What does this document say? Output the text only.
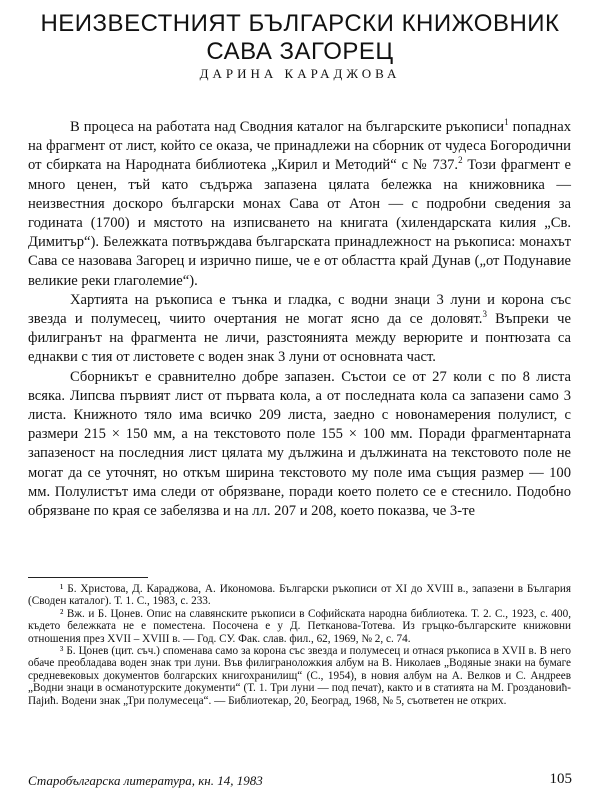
НЕИЗВЕСТНИЯТ БЪЛГАРСКИ КНИЖОВНИК
САВА ЗАГОРЕЦ
ДАРИНА КАРАДЖОВА

В процеса на работата над Сводния каталог на българските ръкописи$^1$ попаднах на фрагмент от лист, който се оказа, че принадлежи на сборник от чудеса Богородични от сбирката на Народната библиотека „Кирил и Методий“ с № 737.$^2$ Този фрагмент е много ценен, тъй като съдържа запазена цялата бележка на книжовника — неизвестния доскоро български монах Сава от Атон — с подробни сведения за годината (1700) и мястото на изписването на книгата (хилендарската килия „Св. Димитър“). Бележката потвърждава българската принадлежност на ръкописа: монахът Сава се назовава Загорец и изрично пише, че е от областта край Дунав („от Подунавие великие реки глаголемие“).

Хартията на ръкописа е тънка и гладка, с водни знаци 3 луни и корона със звезда и полумесец, чиито очертания не могат ясно да се доловят.$^3$ Въпреки че филигранът на фрагмента не личи, разстоянията между верюрите и понтюзата са еднакви с тия от листовете с воден знак 3 луни от основната част.

Сборникът е сравнително добре запазен. Състои се от 27 коли с по 8 листа всяка. Липсва първият лист от първата кола, а от последната кола са запазени само 3 листа. Книжното тяло има всичко 209 листа, заедно с новонамерения полулист, с размери 215 × 150 мм, а на текстовото поле 155 × 100 мм. Поради фрагментарната запазеност на последния лист цялата му дължина и дължината на текстовото поле не могат да се уточнят, но откъм ширина текстовото му поле има същия размер — 100 мм. Полулистът има следи от обрязване, поради което полето се е стеснило. Подобно обрязване по края се забелязва и на лл. 207 и 208, което показва, че 3-те

¹ Б. Христова, Д. Караджова, А. Икономова. Български ръкописи от XI до XVIII в., запазени в България (Сводeн каталог). Т. 1. С., 1983, с. 233.

² Вж. и Б. Цонев. Опис на славянските ръкописи в Софийската народна библиотека. Т. 2. С., 1923, с. 400, където бележката не е поместена. Посочена е у Д. Петканова-Тотева. Из гръцко-българските книжовни отношения през XVII – XVIII в. — Год. СУ. Фак. слав. фил., 62, 1969, № 2, с. 74.

³ Б. Цонев (цит. съч.) споменава само за корона със звезда и полумесец и отнася ръкописа в XVII в. В него обаче преобладава воден знак три луни. Във филиграноложкия албум на В. Николаев „Водяные знаки на бумаге средневековых документов болгарских книгохранилищ“ (С., 1954), в новия албум на А. Велков и С. Андреев „Водни знаци в османотурските документи“ (Т. 1. Три луни — под печат), както и в статията на М. Гроздановић-Пајић. Водени знак „Три полумесеца“. — Библиотекар, 20, Београд, 1968, № 5, съответен не открих.

Старобългарска литература, кн. 14, 1983	105
